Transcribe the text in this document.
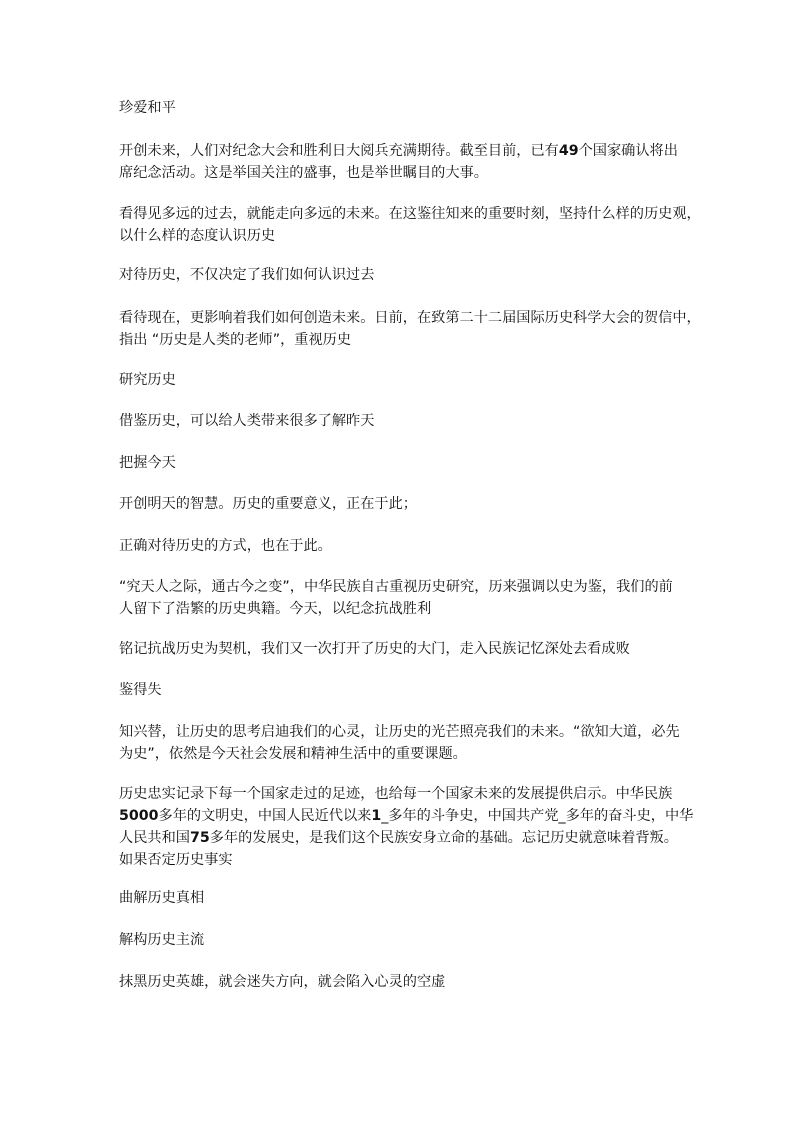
珍爱和平
开创未来，人们对纪念大会和胜利日大阅兵充满期待。截至目前，已有49个国家确认将出
席纪念活动。这是举国关注的盛事，也是举世瞩目的大事。
看得见多远的过去，就能走向多远的未来。在这鉴往知来的重要时刻，坚持什么样的历史观，
以什么样的态度认识历史
对待历史，不仅决定了我们如何认识过去
看待现在，更影响着我们如何创造未来。日前，在致第二十二届国际历史科学大会的贺信中，
指出 “历史是人类的老师”，重视历史
研究历史
借鉴历史，可以给人类带来很多了解昨天
把握今天
开创明天的智慧。历史的重要意义，正在于此；
正确对待历史的方式，也在于此。
“究天人之际，通古今之变”，中华民族自古重视历史研究，历来强调以史为鉴，我们的前
人留下了浩繁的历史典籍。今天，以纪念抗战胜利
铭记抗战历史为契机，我们又一次打开了历史的大门，走入民族记忆深处去看成败
鉴得失
知兴替，让历史的思考启迪我们的心灵，让历史的光芒照亮我们的未来。“欲知大道，必先
为史”，依然是今天社会发展和精神生活中的重要课题。
历史忠实记录下每一个国家走过的足迹，也给每一个国家未来的发展提供启示。中华民族
5000多年的文明史，中国人民近代以来1_多年的斗争史，中国共产党_多年的奋斗史，中华
人民共和国75多年的发展史，是我们这个民族安身立命的基础。忘记历史就意味着背叛。
如果否定历史事实
曲解历史真相
解构历史主流
抹黑历史英雄，就会迷失方向，就会陷入心灵的空虚
